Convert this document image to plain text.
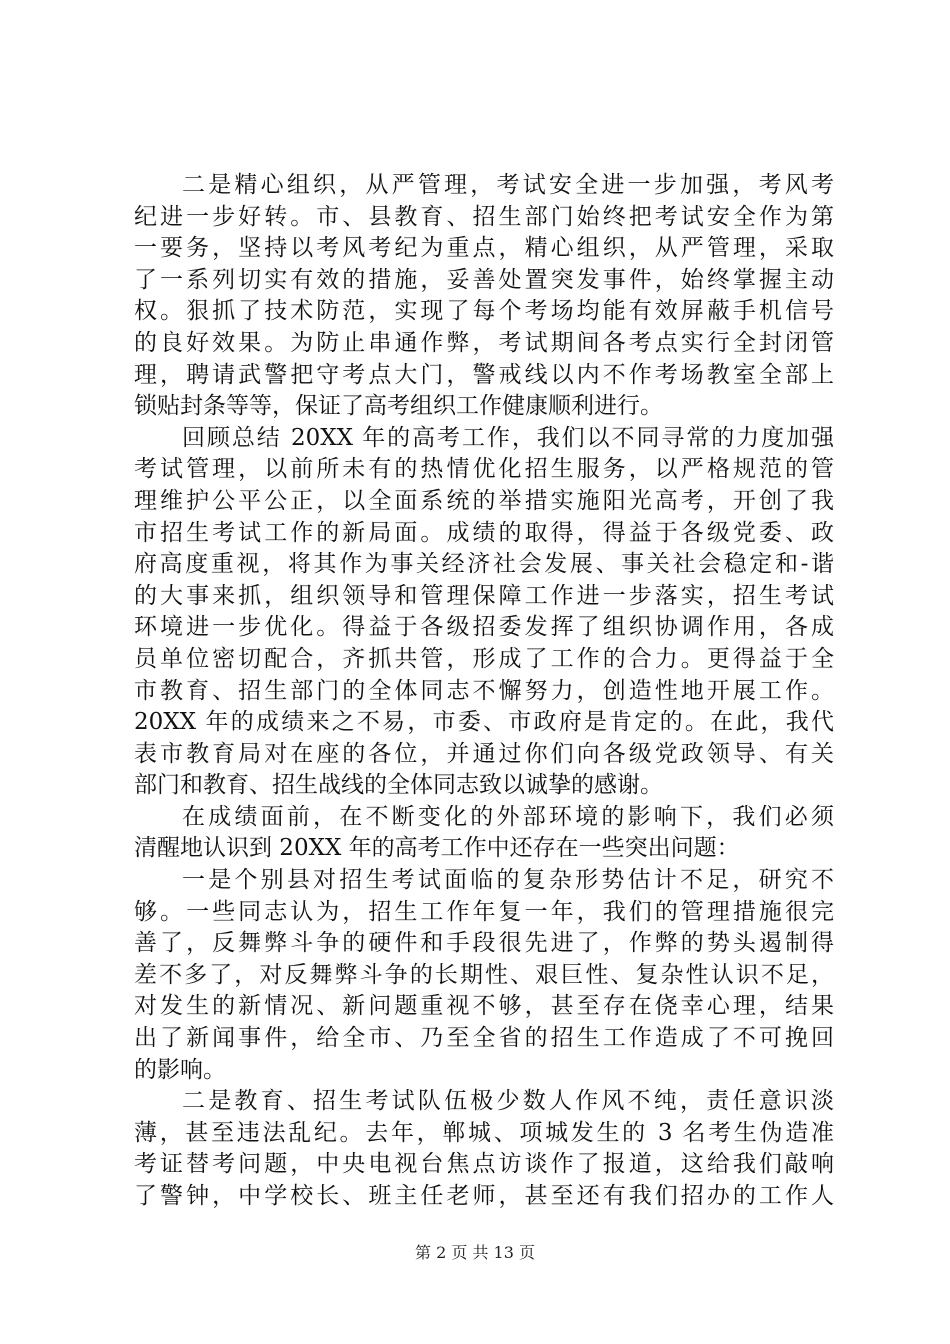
二是精心组织，从严管理，考试安全进一步加强，考风考
纪进一步好转。市、县教育、招生部门始终把考试安全作为第
一要务，坚持以考风考纪为重点，精心组织，从严管理，采取
了一系列切实有效的措施，妥善处置突发事件，始终掌握主动
权。狠抓了技术防范，实现了每个考场均能有效屏蔽手机信号
的良好效果。为防止串通作弊，考试期间各考点实行全封闭管
理，聘请武警把守考点大门，警戒线以内不作考场教室全部上
锁贴封条等等，保证了高考组织工作健康顺利进行。
回顾总结 20XX 年的高考工作，我们以不同寻常的力度加强
考试管理，以前所未有的热情优化招生服务，以严格规范的管
理维护公平公正，以全面系统的举措实施阳光高考，开创了我
市招生考试工作的新局面。成绩的取得，得益于各级党委、政
府高度重视，将其作为事关经济社会发展、事关社会稳定和-谐
的大事来抓，组织领导和管理保障工作进一步落实，招生考试
环境进一步优化。得益于各级招委发挥了组织协调作用，各成
员单位密切配合，齐抓共管，形成了工作的合力。更得益于全
市教育、招生部门的全体同志不懈努力，创造性地开展工作。
20XX 年的成绩来之不易，市委、市政府是肯定的。在此，我代
表市教育局对在座的各位，并通过你们向各级党政领导、有关
部门和教育、招生战线的全体同志致以诚挚的感谢。
在成绩面前，在不断变化的外部环境的影响下，我们必须
清醒地认识到 20XX 年的高考工作中还存在一些突出问题：
一是个别县对招生考试面临的复杂形势估计不足，研究不
够。一些同志认为，招生工作年复一年，我们的管理措施很完
善了，反舞弊斗争的硬件和手段很先进了，作弊的势头遏制得
差不多了，对反舞弊斗争的长期性、艰巨性、复杂性认识不足，
对发生的新情况、新问题重视不够，甚至存在侥幸心理，结果
出了新闻事件，给全市、乃至全省的招生工作造成了不可挽回
的影响。
二是教育、招生考试队伍极少数人作风不纯，责任意识淡
薄，甚至违法乱纪。去年，郸城、项城发生的 3 名考生伪造准
考证替考问题，中央电视台焦点访谈作了报道，这给我们敲响
了警钟，中学校长、班主任老师，甚至还有我们招办的工作人
第 2 页 共 13 页
